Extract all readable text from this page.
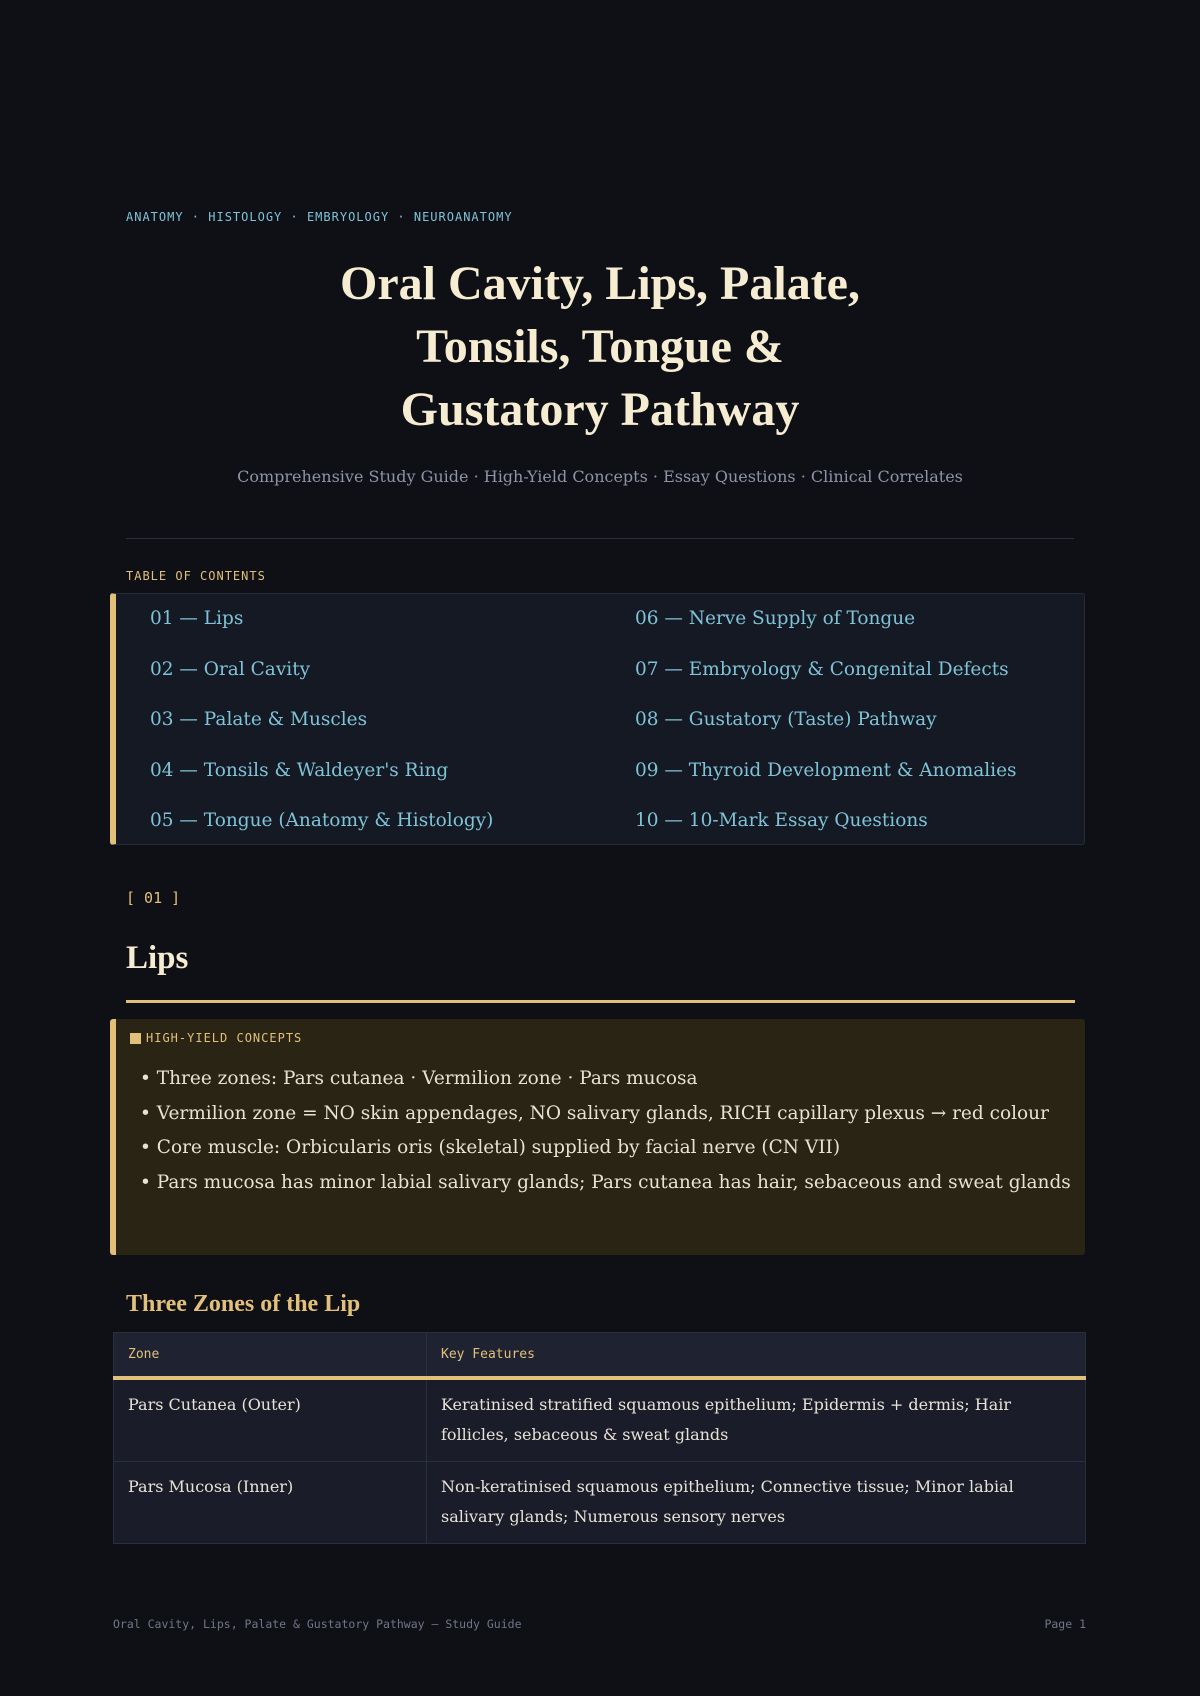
ANATOMY · HISTOLOGY · EMBRYOLOGY · NEUROANATOMY
Oral Cavity, Lips, Palate,
Tonsils, Tongue &
Gustatory Pathway
Comprehensive Study Guide · High-Yield Concepts · Essay Questions · Clinical Correlates
TABLE OF CONTENTS
01 — Lips
02 — Oral Cavity
03 — Palate & Muscles
04 — Tonsils & Waldeyer's Ring
05 — Tongue (Anatomy & Histology)
06 — Nerve Supply of Tongue
07 — Embryology & Congenital Defects
08 — Gustatory (Taste) Pathway
09 — Thyroid Development & Anomalies
10 — 10-Mark Essay Questions
[ 01 ]
Lips
HIGH-YIELD CONCEPTS
• Three zones: Pars cutanea · Vermilion zone · Pars mucosa
• Vermilion zone = NO skin appendages, NO salivary glands, RICH capillary plexus → red colour
• Core muscle: Orbicularis oris (skeletal) supplied by facial nerve (CN VII)
• Pars mucosa has minor labial salivary glands; Pars cutanea has hair, sebaceous and sweat glands
Three Zones of the Lip
Zone	Key Features
Pars Cutanea (Outer)	Keratinised stratified squamous epithelium; Epidermis + dermis; Hair follicles, sebaceous & sweat glands
Pars Mucosa (Inner)	Non-keratinised squamous epithelium; Connective tissue; Minor labial salivary glands; Numerous sensory nerves
Oral Cavity, Lips, Palate & Gustatory Pathway — Study Guide	Page 1
